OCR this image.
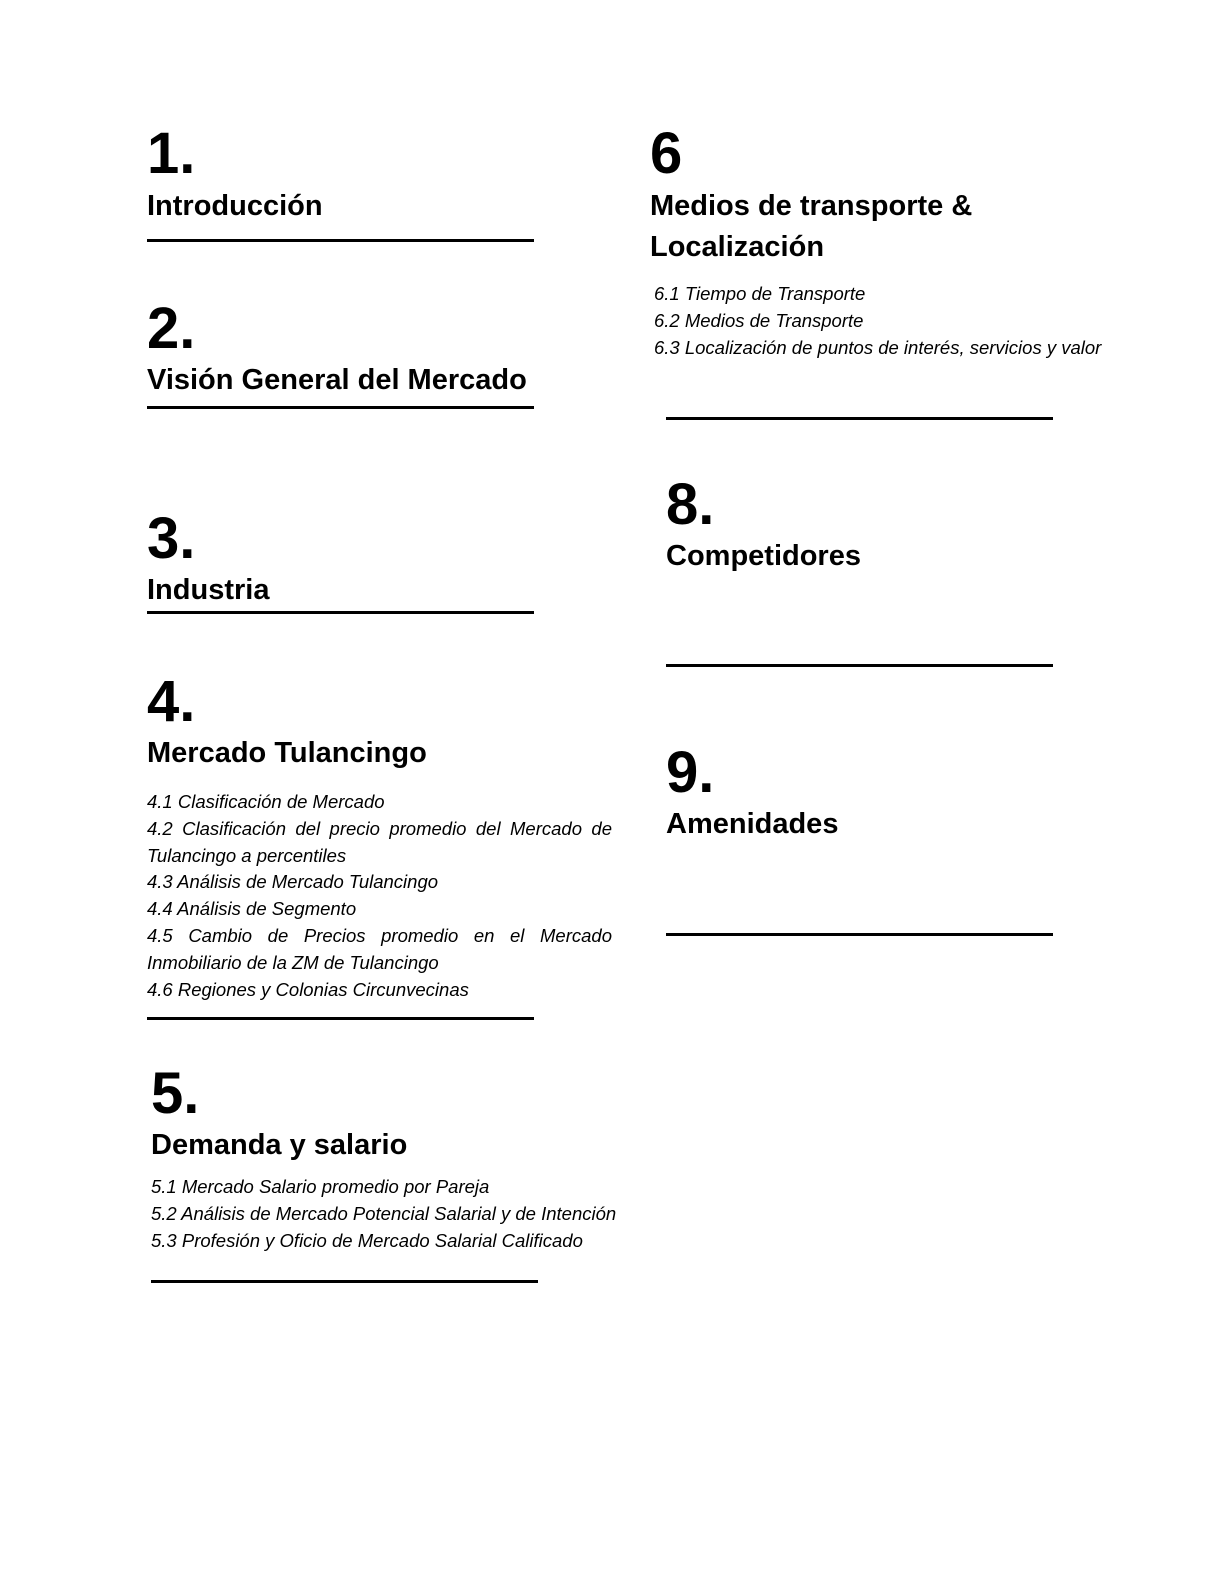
1.
Introducción
2.
Visión General del Mercado
3.
Industria
4.
Mercado Tulancingo
4.1 Clasificación de Mercado
4.2 Clasificación del precio promedio del Mercado de Tulancingo a percentiles
4.3 Análisis de Mercado Tulancingo
4.4 Análisis de Segmento
4.5 Cambio de Precios promedio en el Mercado Inmobiliario de la ZM de Tulancingo
4.6 Regiones y Colonias Circunvecinas
5.
Demanda y salario
5.1 Mercado Salario promedio por Pareja
5.2 Análisis de Mercado Potencial Salarial y de Intención
5.3 Profesión y Oficio de Mercado Salarial Calificado
6
Medios de transporte &
Localización
6.1 Tiempo de Transporte
6.2 Medios de Transporte
6.3 Localización de puntos de interés, servicios y valor
8.
Competidores
9.
Amenidades
